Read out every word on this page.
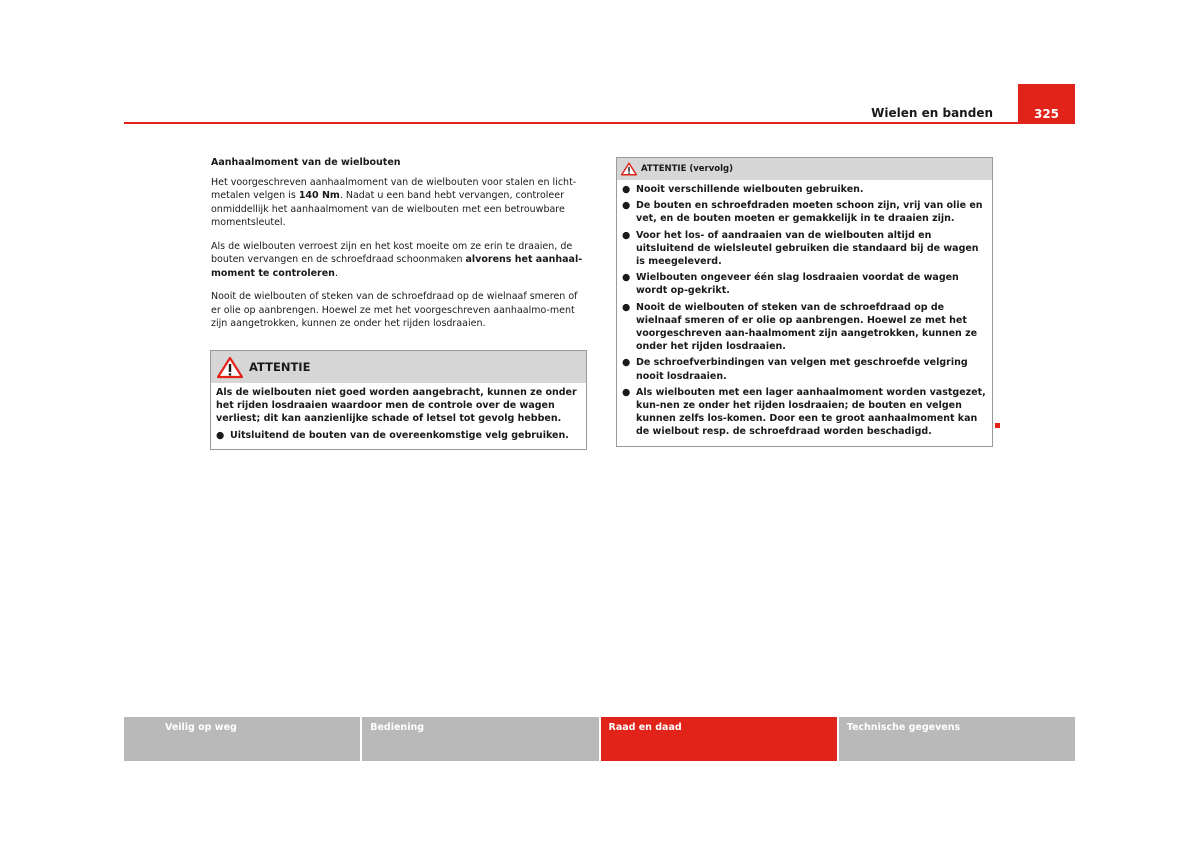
Wielen en banden	325
Aanhaalmoment van de wielbouten

Het voorgeschreven aanhaalmoment van de wielbouten voor stalen en licht-metalen velgen is 140 Nm. Nadat u een band hebt vervangen, controleer onmiddellijk het aanhaalmoment van de wielbouten met een betrouwbare momentsleutel.

Als de wielbouten verroest zijn en het kost moeite om ze erin te draaien, de bouten vervangen en de schroefdraad schoonmaken alvorens het aanhaal-moment te controleren.

Nooit de wielbouten of steken van de schroefdraad op de wielnaaf smeren of er olie op aanbrengen. Hoewel ze met het voorgeschreven aanhaalmo-ment zijn aangetrokken, kunnen ze onder het rijden losdraaien.

ATTENTIE

Als de wielbouten niet goed worden aangebracht, kunnen ze onder het rijden losdraaien waardoor men de controle over de wagen verliest; dit kan aanzienlijke schade of letsel tot gevolg hebben.

● Uitsluitend de bouten van de overeenkomstige velg gebruiken.
ATTENTIE (vervolg)
● Nooit verschillende wielbouten gebruiken.
● De bouten en schroefdraden moeten schoon zijn, vrij van olie en vet, en de bouten moeten er gemakkelijk in te draaien zijn.
● Voor het los- of aandraaien van de wielbouten altijd en uitsluitend de wielsleutel gebruiken die standaard bij de wagen is meegeleverd.
● Wielbouten ongeveer één slag losdraaien voordat de wagen wordt op-gekrikt.
● Nooit de wielbouten of steken van de schroefdraad op de wielnaaf smeren of er olie op aanbrengen. Hoewel ze met het voorgeschreven aan-haalmoment zijn aangetrokken, kunnen ze onder het rijden losdraaien.
● De schroefverbindingen van velgen met geschroefde velgring nooit losdraaien.
● Als wielbouten met een lager aanhaalmoment worden vastgezet, kun-nen ze onder het rijden losdraaien; de bouten en velgen kunnen zelfs los-komen. Door een te groot aanhaalmoment kan de wielbout resp. de schroefdraad worden beschadigd.
Veilig op weg	Bediening	Raad en daad	Technische gegevens
